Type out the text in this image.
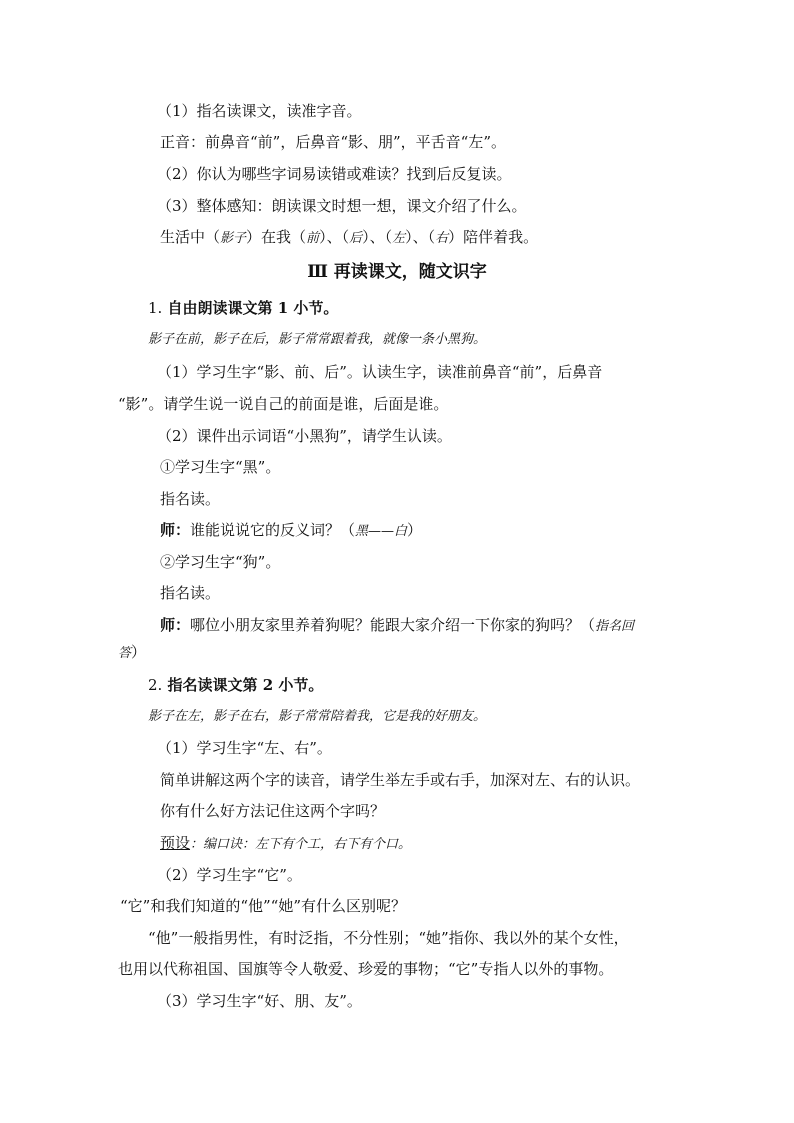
（1）指名读课文，读准字音。
正音：前鼻音“前”，后鼻音“影、朋”，平舌音“左”。
（2）你认为哪些字词易读错或难读？找到后反复读。
（3）整体感知：朗读课文时想一想，课文介绍了什么。
生活中（影子）在我（前）、（后）、（左）、（右）陪伴着我。
Ⅲ 再读课文，随文识字
1. 自由朗读课文第 1 小节。
影子在前，影子在后，影子常常跟着我，就像一条小黑狗。
（1）学习生字“影、前、后”。认读生字，读准前鼻音“前”，后鼻音
“影”。请学生说一说自己的前面是谁，后面是谁。
（2）课件出示词语“小黑狗”，请学生认读。
①学习生字“黑”。
指名读。
师：谁能说说它的反义词？（黑——白）
②学习生字“狗”。
指名读。
师：哪位小朋友家里养着狗呢？能跟大家介绍一下你家的狗吗？（指名回
答）
2. 指名读课文第 2 小节。
影子在左，影子在右，影子常常陪着我，它是我的好朋友。
（1）学习生字“左、右”。
简单讲解这两个字的读音，请学生举左手或右手，加深对左、右的认识。
你有什么好方法记住这两个字吗？
预设：编口诀：左下有个工，右下有个口。
（2）学习生字“它”。
“它”和我们知道的“他”“她”有什么区别呢？
“他”一般指男性，有时泛指，不分性别；“她”指你、我以外的某个女性，
也用以代称祖国、国旗等令人敬爱、珍爱的事物；“它”专指人以外的事物。
（3）学习生字“好、朋、友”。
